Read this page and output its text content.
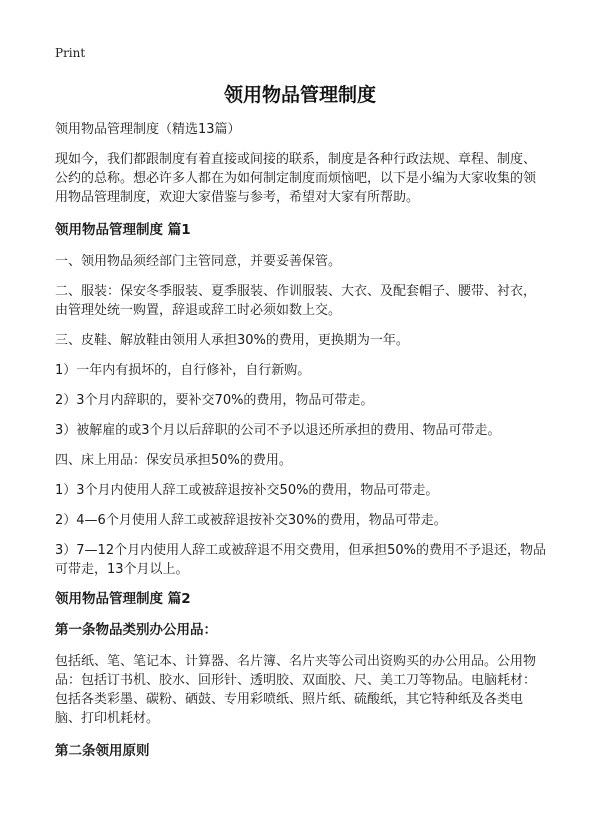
Print
领用物品管理制度
领用物品管理制度（精选13篇）

现如今，我们都跟制度有着直接或间接的联系，制度是各种行政法规、章程、制度、公约的总称。想必许多人都在为如何制定制度而烦恼吧，以下是小编为大家收集的领用物品管理制度，欢迎大家借鉴与参考，希望对大家有所帮助。

领用物品管理制度 篇1

一、领用物品须经部门主管同意，并要妥善保管。

二、服装：保安冬季服装、夏季服装、作训服装、大衣、及配套帽子、腰带、衬衣，由管理处统一购置，辞退或辞工时必须如数上交。

三、皮鞋、解放鞋由领用人承担30%的费用，更换期为一年。

1）一年内有损坏的，自行修补，自行新购。

2）3个月内辞职的，要补交70%的费用，物品可带走。

3）被解雇的或3个月以后辞职的公司不予以退还所承担的费用、物品可带走。

四、床上用品：保安员承担50%的费用。

1）3个月内使用人辞工或被辞退按补交50%的费用，物品可带走。

2）4—6个月使用人辞工或被辞退按补交30%的费用，物品可带走。

3）7—12个月内使用人辞工或被辞退不用交费用，但承担50%的费用不予退还，物品可带走，13个月以上。

领用物品管理制度 篇2
第一条物品类别办公用品：

包括纸、笔、笔记本、计算器、名片簿、名片夹等公司出资购买的办公用品。公用物品：包括订书机、胶水、回形针、透明胶、双面胶、尺、美工刀等物品。电脑耗材：包括各类彩墨、碳粉、硒鼓、专用彩喷纸、照片纸、硫酸纸，其它特种纸及各类电脑、打印机耗材。

第二条领用原则
